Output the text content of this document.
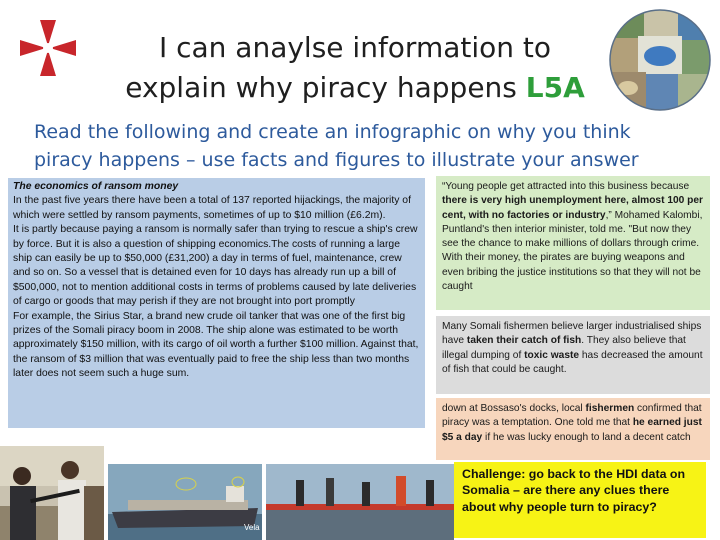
I can anaylse information to
explain why piracy happens L5A
Read the following and create an infographic on why you think piracy happens – use facts and figures to illustrate your answer
The economics of ransom money
In the past five years there have been a total of 137 reported hijackings, the majority of which were settled by ransom payments, sometimes of up to $10 million (£6.2m).
It is partly because paying a ransom is normally safer than trying to rescue a ship's crew by force. But it is also a question of shipping economics.The costs of running a large ship can easily be up to $50,000 (£31,200) a day in terms of fuel, maintenance, crew and so on. So a vessel that is detained even for 10 days has already run up a bill of $500,000, not to mention additional costs in terms of problems caused by late deliveries of cargo or goods that may perish if they are not brought into port promptly
For example, the Sirius Star, a brand new crude oil tanker that was one of the first big prizes of the Somali piracy boom in 2008. The ship alone was estimated to be worth approximately $150 million, with its cargo of oil worth a further $100 million. Against that, the ransom of $3 million that was eventually paid to free the ship less than two months later does not seem such a huge sum.
“Young people get attracted into this business because there is very high unemployment here, almost 100 per cent, with no factories or industry,” Mohamed Kalombi, Puntland's then interior minister, told me. "But now they see the chance to make millions of dollars through crime. With their money, the pirates are buying weapons and even bribing the justice institutions so that they will not be caught
Many Somali fishermen believe larger industrialised ships have taken their catch of fish. They also believe that illegal dumping of toxic waste has decreased the amount of fish that could be caught.
down at Bossaso's docks, local fishermen confirmed that piracy was a temptation. One told me that he earned just $5 a day if he was lucky enough to land a decent catch
Vela
Challenge: go back to the HDI data on Somalia – are there any clues there about why people turn to piracy?
